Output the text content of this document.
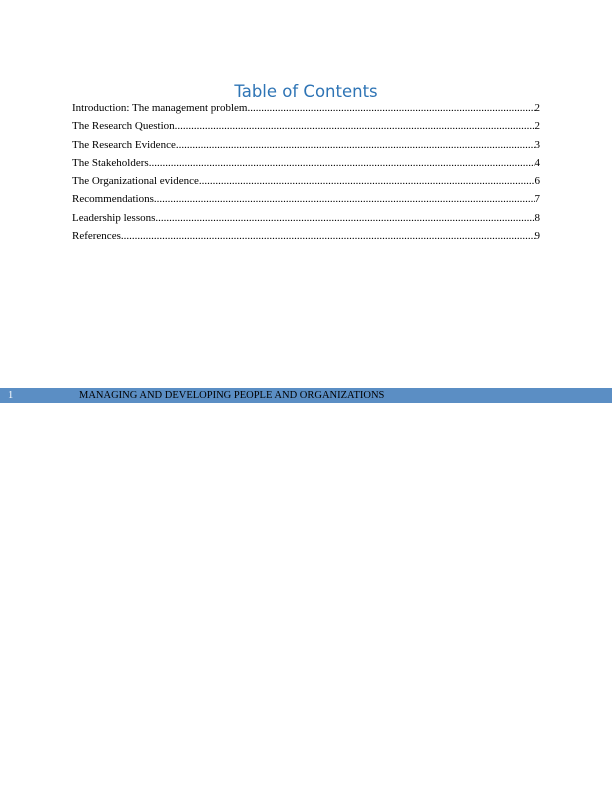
Table of Contents
Introduction: The management problem .....	2
The Research Question .....	2
The Research Evidence .....	3
The Stakeholders .....	4
The Organizational evidence .....	6
Recommendations .....	7
Leadership lessons .....	8
References .....	9
1	MANAGING AND DEVELOPING PEOPLE AND ORGANIZATIONS
